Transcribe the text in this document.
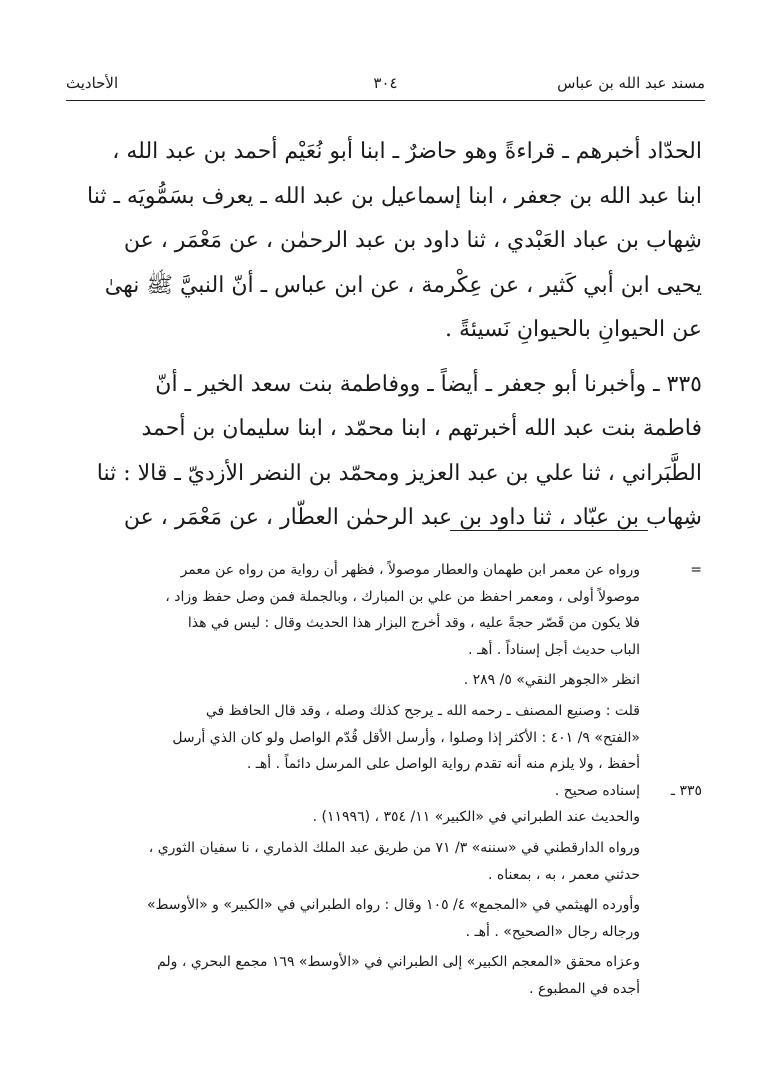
مسند عبد الله بن عباس
٣٠٤
الأحاديث

الحدّاد أخبرهم ـ قراءةً وهو حاضرٌ ـ ابنا أبو نُعَيْم أحمد بن عبد الله ،

ابنا عبد الله بن جعفر ، ابنا إسماعيل بن عبد الله ـ يعرف بسَمُّويَه ـ ثنا

شِهاب بن عباد العَبْدي ، ثنا داود بن عبد الرحمٰن ، عن مَعْمَر ، عن

يحيى ابن أبي كَثير ، عن عِكْرمة ، عن ابن عباس ـ أنّ النبيَّ ﷺ نهىٰ

عن الحيوانِ بالحيوانِ نَسيئةً .

٣٣٥ ـ وأخبرنا أبو جعفر ـ أيضاً ـ ووفاطمة بنت سعد الخير ـ أنّ

فاطمة بنت عبد الله أخبرتهم ، ابنا محمّد ، ابنا سليمان بن أحمد

الطَّبَراني ، ثنا علي بن عبد العزيز ومحمّد بن النضر الأزديّ ـ قالا : ثنا

شِهاب بن عبّاد ، ثنا داود بن عبد الرحمٰن العطّار ، عن مَعْمَر ، عن

=
ورواه عن معمر ابن طهمان والعطار موصولاً ، فظهر أن رواية من رواه عن معمر
موصولاً أولى ، ومعمر احفظ من علي بن المبارك ، وبالجملة فمن وصل حفظ وزاد ،
فلا يكون من قَصّر حجةً عليه ، وقد أخرج البزار هذا الحديث وقال : ليس في هذا
الباب حديث أجل إسناداً . أهـ .
انظر «الجوهر النقي» ٥/ ٢٨٩ .
قلت : وصنيع المصنف ـ رحمه الله ـ يرجح كذلك وصله ، وقد قال الحافظ في
«الفتح» ٩/ ٤٠١ : الأكثر إذا وصلوا ، وأرسل الأقل قُدّم الواصل ولو كان الذي أرسل
أحفظ ، ولا يلزم منه أنه تقدم رواية الواصل على المرسل دائماً . أهـ .
٣٣٥ ـ
إسناده صحيح .
والحديث عند الطبراني في «الكبير» ١١/ ٣٥٤ ، (١١٩٩٦) .
ورواه الدارقطني في «سننه» ٣/ ٧١ من طريق عبد الملك الذماري ، نا سفيان الثوري ،
حدثني معمر ، به ، بمعناه .
وأورده الهيثمي في «المجمع» ٤/ ١٠٥ وقال : رواه الطبراني في «الكبير» و «الأوسط»
ورجاله رجال «الصحيح» . أهـ .
وعزاه محقق «المعجم الكبير» إلى الطبراني في «الأوسط» ١٦٩ مجمع البحري ، ولم
أجده في المطبوع .
